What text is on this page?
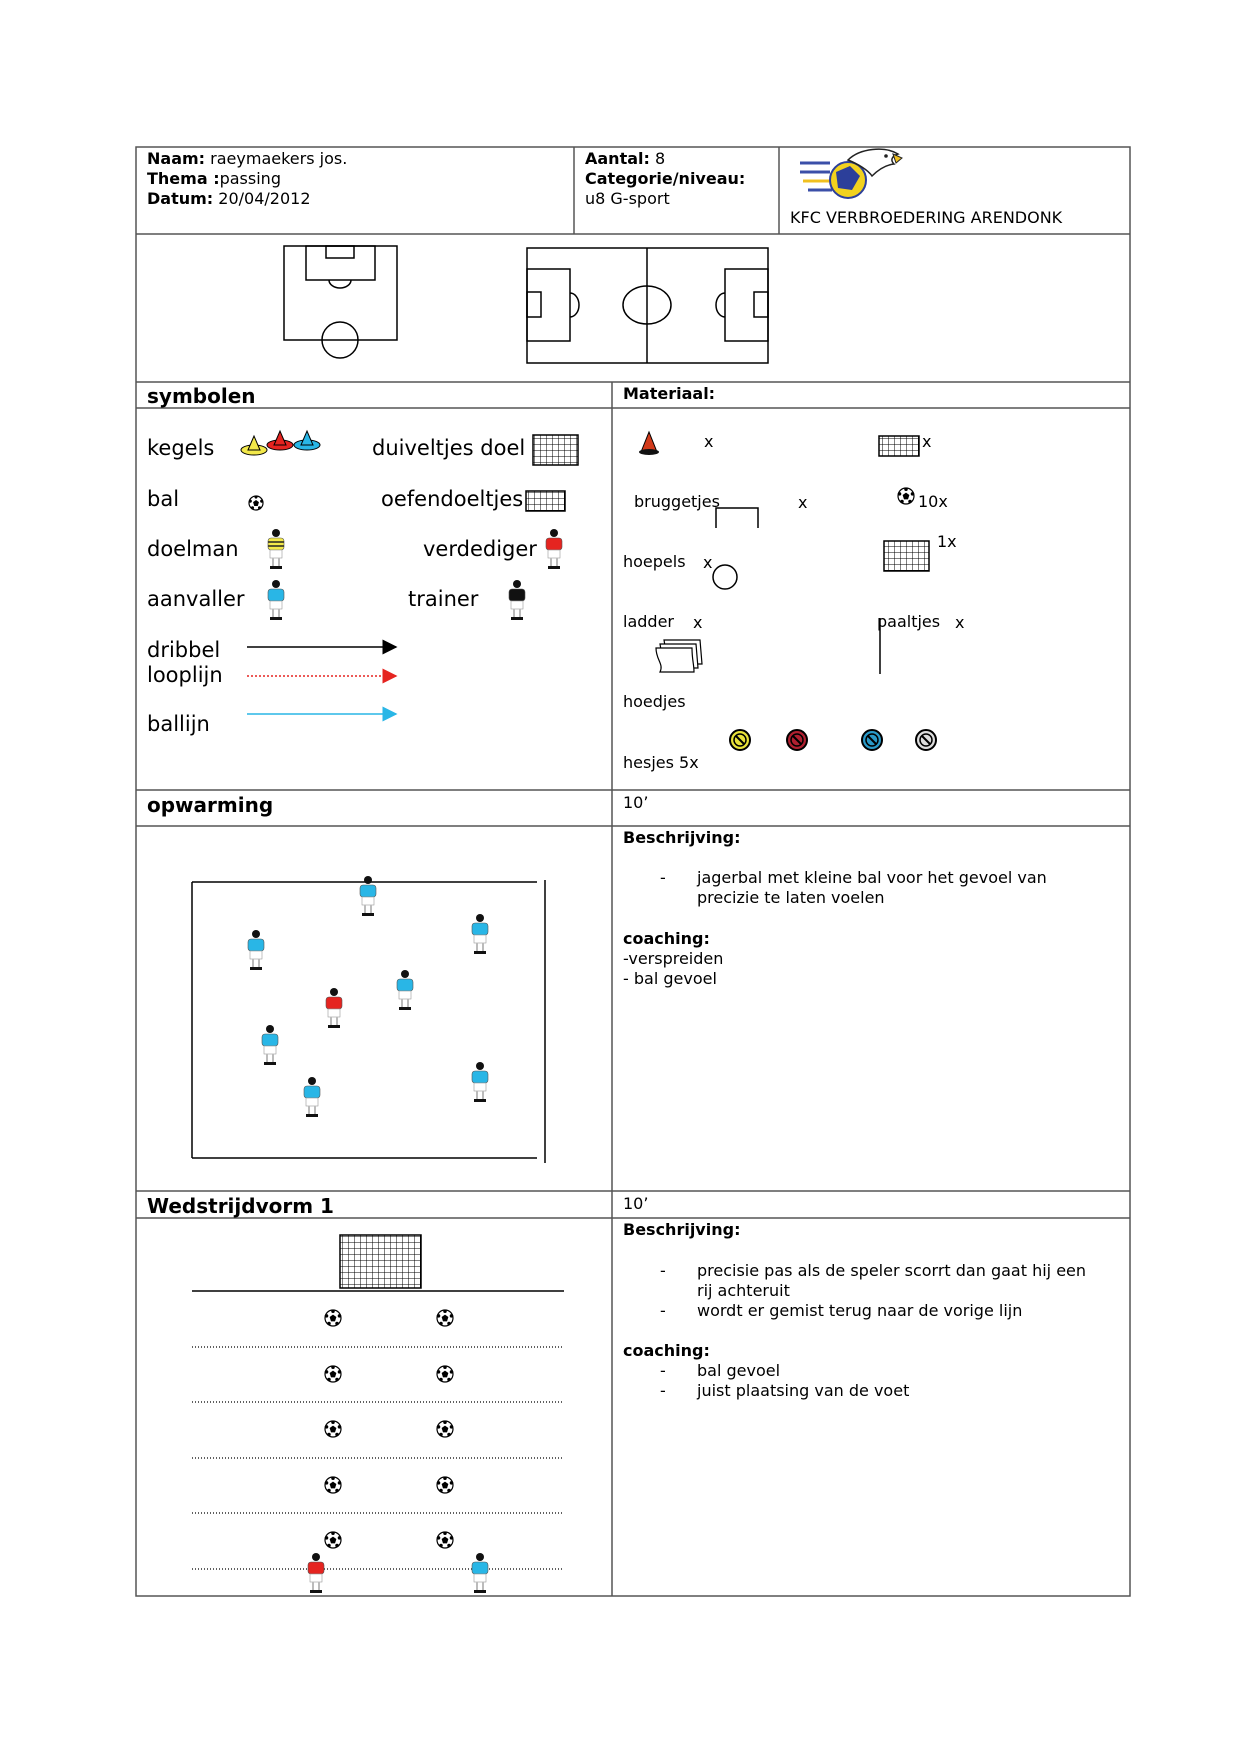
Naam: raeymaekers jos.
Thema :passing
Datum: 20/04/2012
Aantal: 8
Categorie/niveau:
u8 G-sport
KFC VERBROEDERING ARENDONK
symbolen
kegels	duiveltjes doel
bal	oefendoeltjes
doelman	verdediger
aanvaller	trainer
dribbel
looplijn
ballijn
Materiaal:
x	x
bruggetjes	x	10x
hoepels x
1x
ladder x	paaltjes x
hoedjes
hesjes 5x
opwarming	10’
Beschrijving:
- jagerbal met kleine bal voor het gevoel van
precizie te laten voelen
coaching:
-verspreiden
- bal gevoel
Wedstrijdvorm 1	10’
Beschrijving:
- precisie pas als de speler scorrt dan gaat hij een
rij achteruit
- wordt er gemist terug naar de vorige lijn
coaching:
- bal gevoel
- juist plaatsing van de voet
